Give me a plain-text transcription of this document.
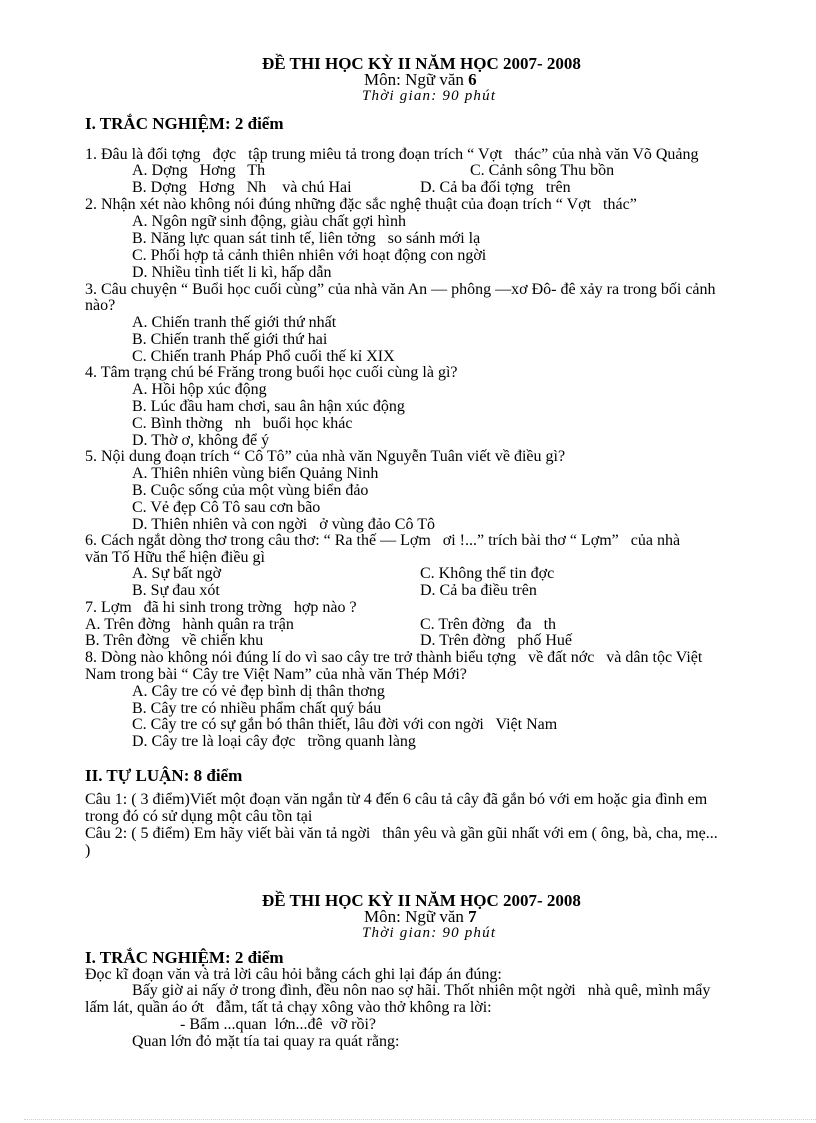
ĐỀ THI HỌC KỲ II NĂM HỌC 2007- 2008
Môn: Ngữ văn 6
Thời gian: 90 phút
I. TRẮC NGHIỆM: 2 điểm
1. Đâu là đối tợng   đợc   tập trung miêu tả trong đoạn trích “ Vợt   thác” của nhà văn Võ Quảng
A. Dợng   Hơng   Th	C. Cảnh sông Thu bồn
B. Dợng   Hơng   Nh    và chú Hai	D. Cả ba đối tợng   trên
2. Nhận xét nào không nói đúng những đặc sắc nghệ thuật của đoạn trích “ Vợt   thác”
A. Ngôn ngữ sinh động, giàu chất gợi hình
B. Năng lực quan sát tinh tế, liên tởng   so sánh mới lạ
C. Phối hợp tả cảnh thiên nhiên với hoạt động con ngời
D. Nhiều tình tiết li kì, hấp dẫn
3. Câu chuyện “ Buổi học cuối cùng” của nhà văn An — phông —xơ Đô- đê xảy ra trong bối cảnh
nào?
A. Chiến tranh thế giới thứ nhất
B. Chiến tranh thế giới thứ hai
C. Chiến tranh Pháp Phổ cuối thế kỉ XIX
4. Tâm trạng chú bé Frăng trong buổi học cuối cùng là gì?
A. Hồi hộp xúc động
B. Lúc đầu ham chơi, sau ân hận xúc động
C. Bình thờng   nh   buổi học khác
D. Thờ ơ, không để ý
5. Nội dung đoạn trích “ Cô Tô” của nhà văn Nguyễn Tuân viết về điều gì?
A. Thiên nhiên vùng biển Quảng Ninh
B. Cuộc sống của một vùng biển đảo
C. Vẻ đẹp Cô Tô sau cơn bão
D. Thiên nhiên và con ngời   ở vùng đảo Cô Tô
6. Cách ngắt dòng thơ trong câu thơ: “ Ra thế — Lợm   ơi !...” trích bài thơ “ Lợm”   của nhà
văn Tố Hữu thể hiện điều gì
A. Sự bất ngờ	C. Không thể tin đợc
B. Sự đau xót	D. Cả ba điều trên
7. Lợm   đã hi sinh trong trờng   hợp nào ?
A. Trên đờng   hành quân ra trận	C. Trên đờng   đa   th
B. Trên đờng   về chiến khu	D. Trên đờng   phố Huế
8. Dòng nào không nói đúng lí do vì sao cây tre trở thành biểu tợng   về đất nớc   và dân tộc Việt
Nam trong bài “ Cây tre Việt Nam” của nhà văn Thép Mới?
A. Cây tre có vẻ đẹp bình dị thân thơng
B. Cây tre có nhiều phẩm chất quý báu
C. Cây tre có sự gắn bó thân thiết, lâu đời với con ngời   Việt Nam
D. Cây tre là loại cây đợc   trồng quanh làng
II. TỰ LUẬN: 8 điểm
Câu 1: ( 3 điểm)Viết một đoạn văn ngắn từ 4 đến 6 câu tả cây đã gắn bó với em hoặc gia đình em
trong đó có sử dụng một câu tồn tại
Câu 2: ( 5 điểm) Em hãy viết bài văn tả ngời   thân yêu và gần gũi nhất với em ( ông, bà, cha, mẹ...
)
ĐỀ THI HỌC KỲ II NĂM HỌC 2007- 2008
Môn: Ngữ văn 7
Thời gian: 90 phút
I. TRẮC NGHIỆM: 2 điểm
Đọc kĩ đoạn văn và trả lời câu hỏi bằng cách ghi lại đáp án đúng:
Bấy giờ ai nấy ở trong đình, đều nôn nao sợ hãi. Thốt nhiên một ngời   nhà quê, mình mẩy
lấm lát, quần áo ớt   đẫm, tất tả chạy xông vào thở không ra lời:
- Bẩm ...quan  lớn...đê  vỡ rồi?
Quan lớn đỏ mặt tía tai quay ra quát rằng:
